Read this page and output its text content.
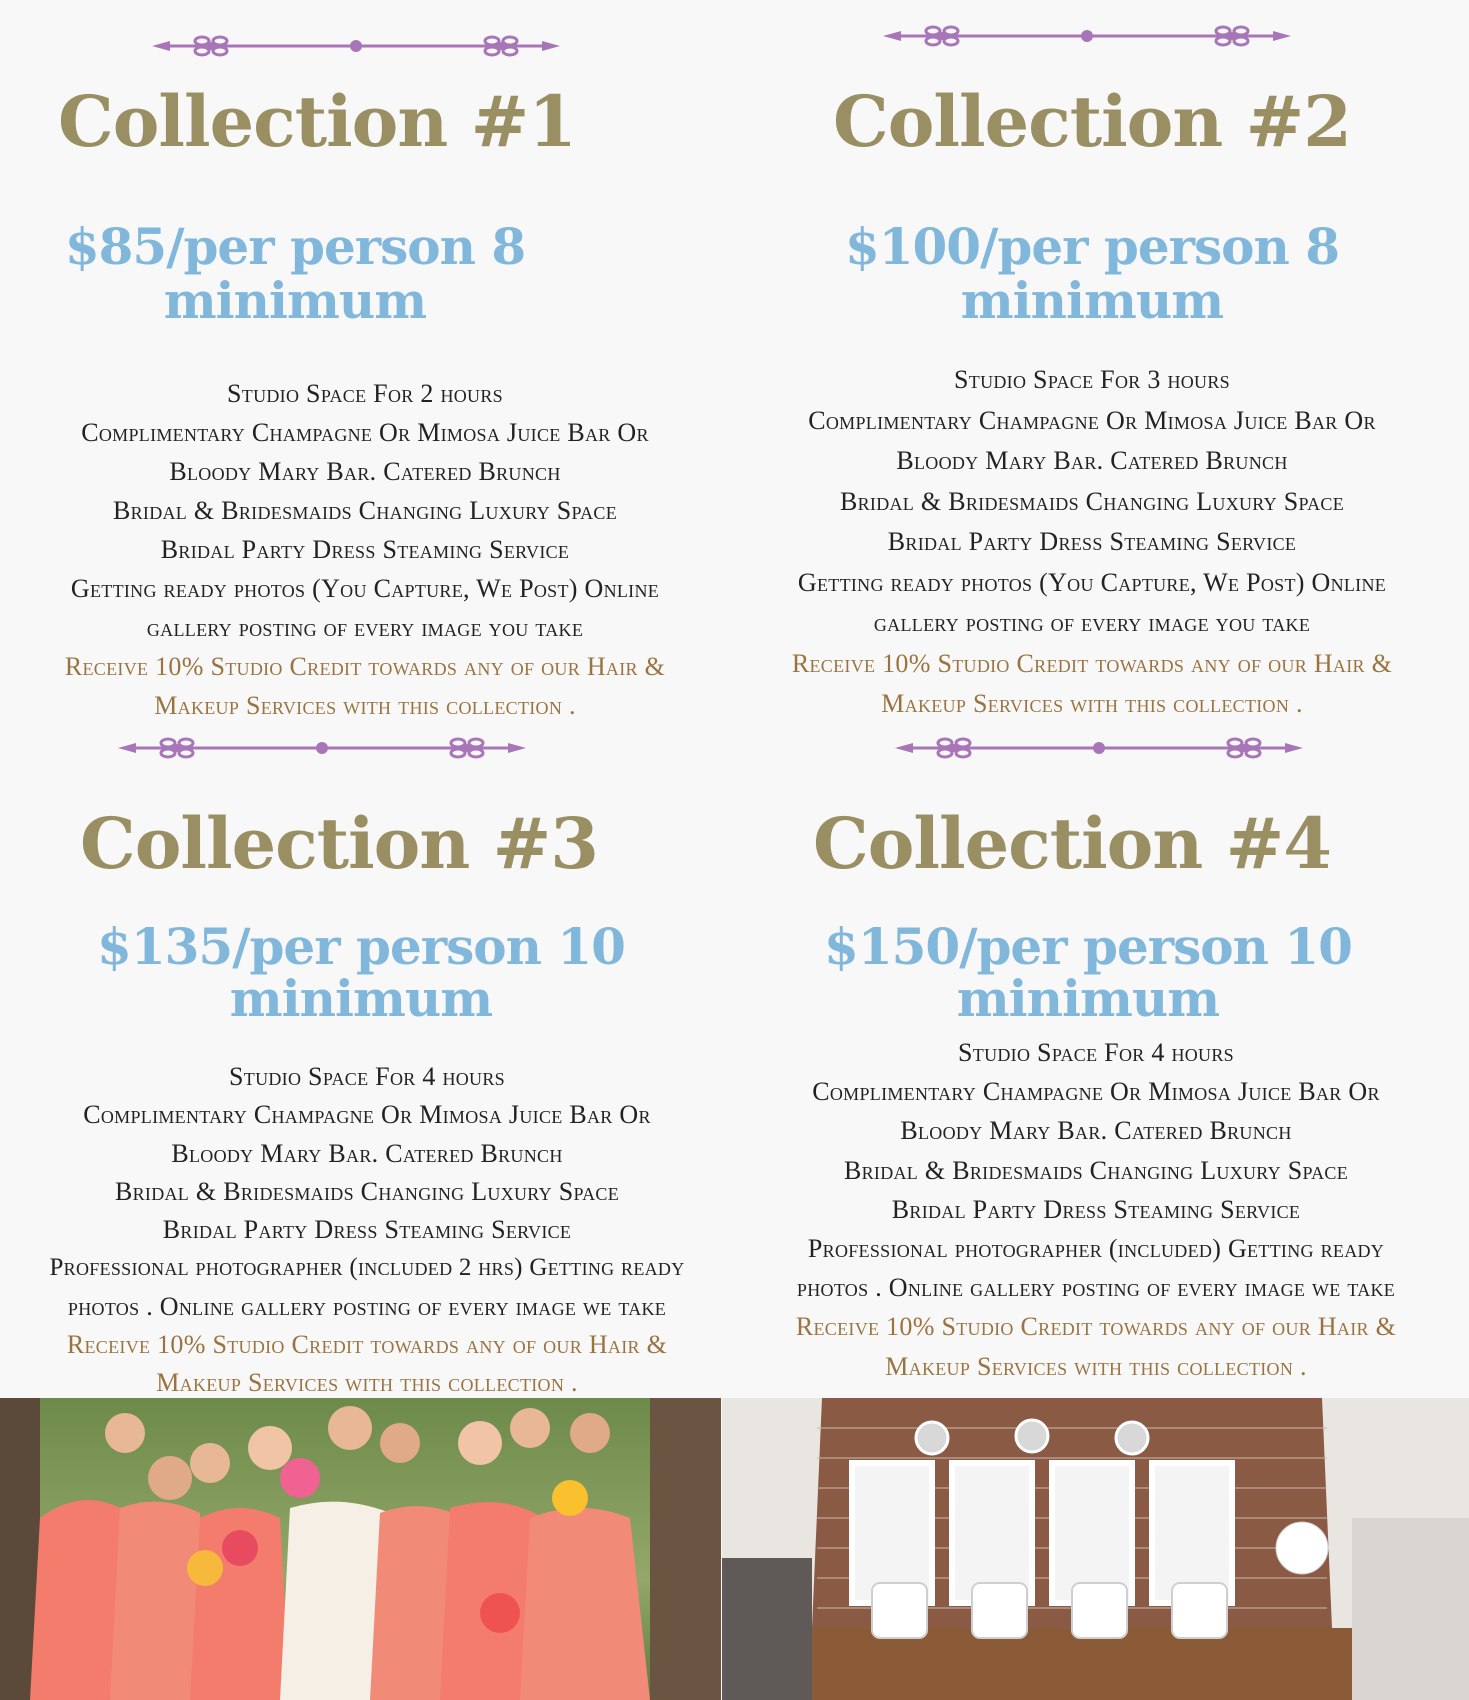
Collection #1
$85/per person 8
minimum
Studio Space For 2 hours
Complimentary Champagne Or Mimosa Juice Bar Or
Bloody Mary Bar. Catered Brunch
Bridal & Bridesmaids Changing Luxury Space
Bridal Party Dress Steaming Service
Getting ready photos (You Capture, We Post) Online
gallery posting of every image you take
Receive 10% Studio Credit towards any of our Hair &
Makeup Services with this collection .
Collection #2
$100/per person 8
minimum
Studio Space For 3 hours
Complimentary Champagne Or Mimosa Juice Bar Or
Bloody Mary Bar. Catered Brunch
Bridal & Bridesmaids Changing Luxury Space
Bridal Party Dress Steaming Service
Getting ready photos (You Capture, We Post) Online
gallery posting of every image you take
Receive 10% Studio Credit towards any of our Hair &
Makeup Services with this collection .
Collection #3
$135/per person 10
minimum
Studio Space For 4 hours
Complimentary Champagne Or Mimosa Juice Bar Or
Bloody Mary Bar. Catered Brunch
Bridal & Bridesmaids Changing Luxury Space
Bridal Party Dress Steaming Service
Professional photographer (included 2 hrs) Getting ready
photos . Online gallery posting of every image we take
Receive 10% Studio Credit towards any of our Hair &
Makeup Services with this collection .
Collection #4
$150/per person 10
minimum
Studio Space For 4 hours
Complimentary Champagne Or Mimosa Juice Bar Or
Bloody Mary Bar. Catered Brunch
Bridal & Bridesmaids Changing Luxury Space
Bridal Party Dress Steaming Service
Professional photographer (included) Getting ready
photos . Online gallery posting of every image we take
Receive 10% Studio Credit towards any of our Hair &
Makeup Services with this collection .
